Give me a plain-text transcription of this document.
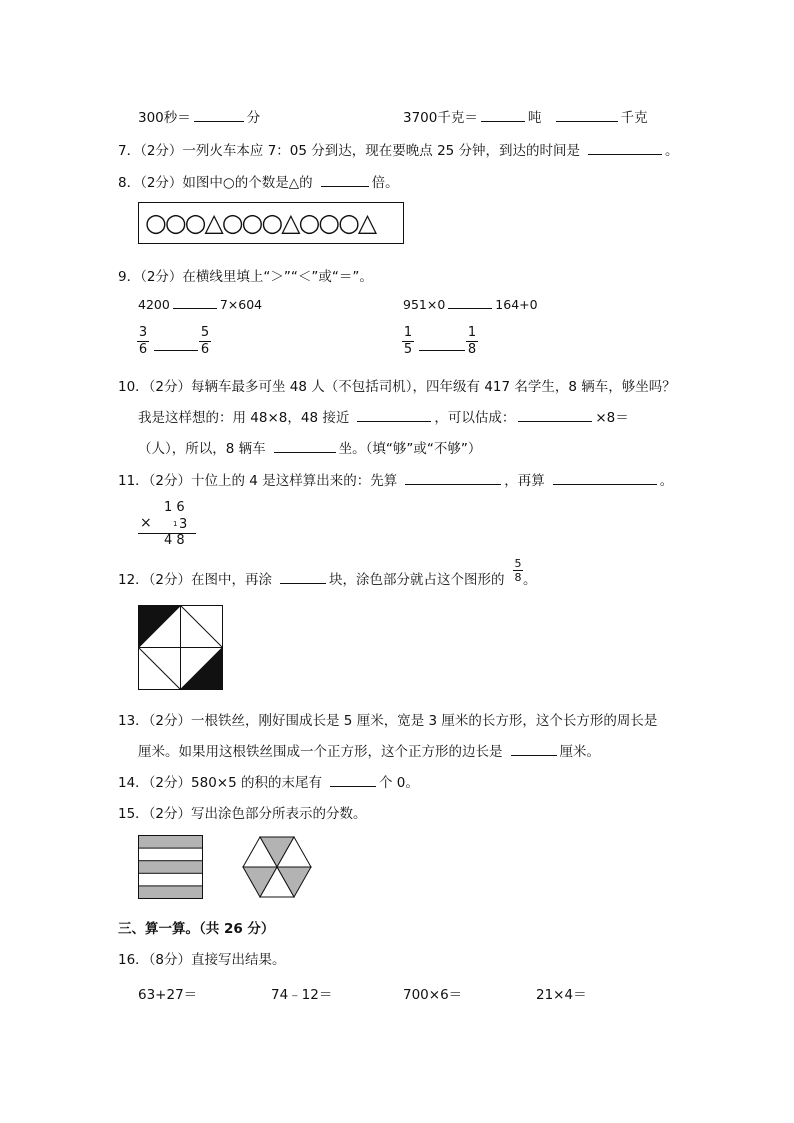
300秒＝	分	3700千克＝	吨	千克
7．（2分）一列火车本应 7：05 分到达，现在要晚点 25 分钟，到达的时间是	。
8．（2分）如图中○的个数是△的	倍。
○○○△○○○△○○○△
9．（2分）在横线里填上“＞”“＜”或“＝”。
4200	7×604	951×0	164+0
$\frac{3}{6}$	$\frac{5}{6}$	$\frac{1}{5}$	$\frac{1}{8}$
10．（2分）每辆车最多可坐 48 人（不包括司机），四年级有 417 名学生，8 辆车，够坐吗？
我是这样想的：用 48×8，48 接近	，可以估成：	×8＝
（人），所以，8 辆车	坐。（填“够”或“不够”）
11．（2分）十位上的 4 是这样算出来的：先算	，再算	。
1 6
×	1 3
4 8
12．（2分）在图中，再涂	块，涂色部分就占这个图形的 $\frac{5}{8}$ 。
13．（2分）一根铁丝，刚好围成长是 5 厘米，宽是 3 厘米的长方形，这个长方形的周长是
厘米。如果用这根铁丝围成一个正方形，这个正方形的边长是	厘米。
14．（2分）580×5 的积的末尾有	个 0。
15．（2分）写出涂色部分所表示的分数。
三、算一算。（共 26 分）
16．（8分）直接写出结果。
63+27＝	74﹣12＝	700×6＝	21×4＝
